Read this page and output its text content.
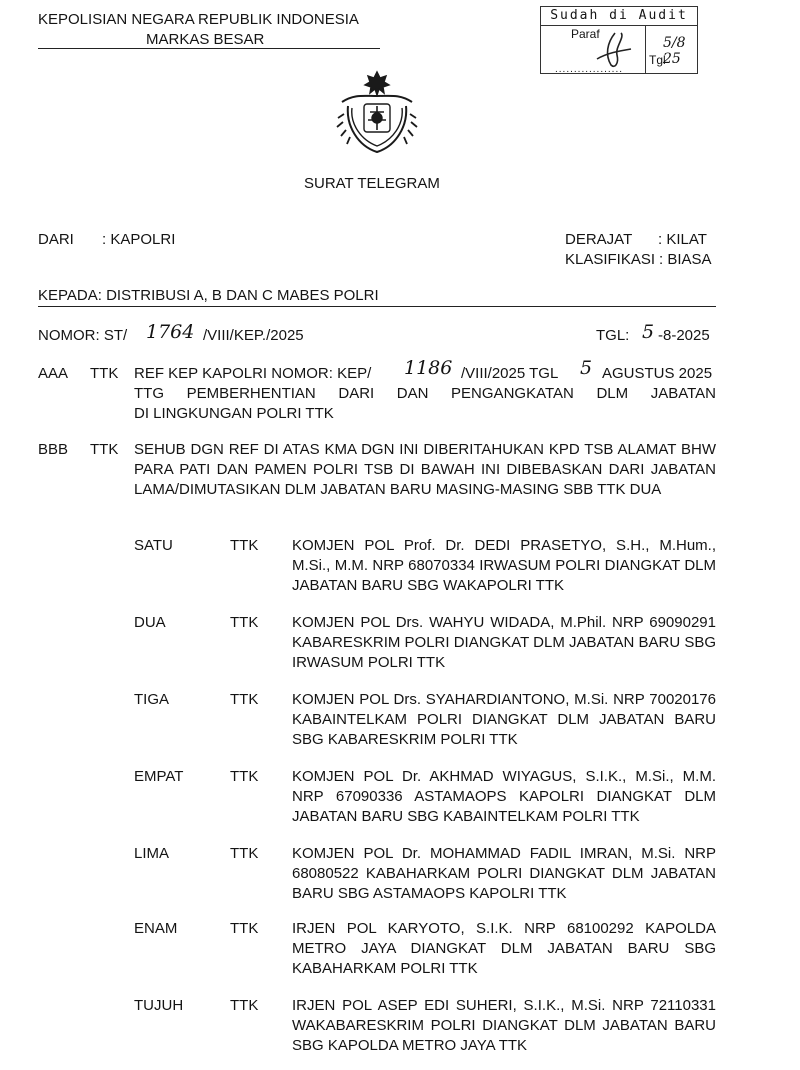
KEPOLISIAN NEGARA REPUBLIK INDONESIA
MARKAS BESAR
Sudah di Audit
Paraf
5/8 25
Tgl
..................
SURAT TELEGRAM
DARI : KAPOLRI	DERAJAT : KILAT
KLASIFIKASI : BIASA
KEPADA: DISTRIBUSI A, B DAN C MABES POLRI
NOMOR: ST/ 1764 /VIII/KEP./2025	TGL: 5 -8-2025
AAA TTK REF KEP KAPOLRI NOMOR: KEP/ 1186 /VIII/2025 TGL 5 AGUSTUS 2025
TTG PEMBERHENTIAN DARI DAN PENGANGKATAN DLM JABATAN
DI LINGKUNGAN POLRI TTK
BBB TTK SEHUB DGN REF DI ATAS KMA DGN INI DIBERITAHUKAN KPD TSB ALAMAT BHW PARA PATI DAN PAMEN POLRI TSB DI BAWAH INI DIBEBASKAN DARI JABATAN LAMA/DIMUTASIKAN DLM JABATAN BARU MASING-MASING SBB TTK DUA
SATU	TTK KOMJEN POL Prof. Dr. DEDI PRASETYO, S.H., M.Hum., M.Si., M.M. NRP 68070334 IRWASUM POLRI DIANGKAT DLM JABATAN BARU SBG WAKAPOLRI TTK
DUA	TTK KOMJEN POL Drs. WAHYU WIDADA, M.Phil. NRP 69090291 KABARESKRIM POLRI DIANGKAT DLM JABATAN BARU SBG IRWASUM POLRI TTK
TIGA	TTK KOMJEN POL Drs. SYAHARDIANTONO, M.Si. NRP 70020176 KABAINTELKAM POLRI DIANGKAT DLM JABATAN BARU SBG KABARESKRIM POLRI TTK
EMPAT	TTK KOMJEN POL Dr. AKHMAD WIYAGUS, S.I.K., M.Si., M.M. NRP 67090336 ASTAMAOPS KAPOLRI DIANGKAT DLM JABATAN BARU SBG KABAINTELKAM POLRI TTK
LIMA	TTK KOMJEN POL Dr. MOHAMMAD FADIL IMRAN, M.Si. NRP 68080522 KABAHARKAM POLRI DIANGKAT DLM JABATAN BARU SBG ASTAMAOPS KAPOLRI TTK
ENAM	TTK IRJEN POL KARYOTO, S.I.K. NRP 68100292 KAPOLDA METRO JAYA DIANGKAT DLM JABATAN BARU SBG KABAHARKAM POLRI TTK
TUJUH	TTK IRJEN POL ASEP EDI SUHERI, S.I.K., M.Si. NRP 72110331 WAKABARESKRIM POLRI DIANGKAT DLM JABATAN BARU SBG KAPOLDA METRO JAYA TTK
